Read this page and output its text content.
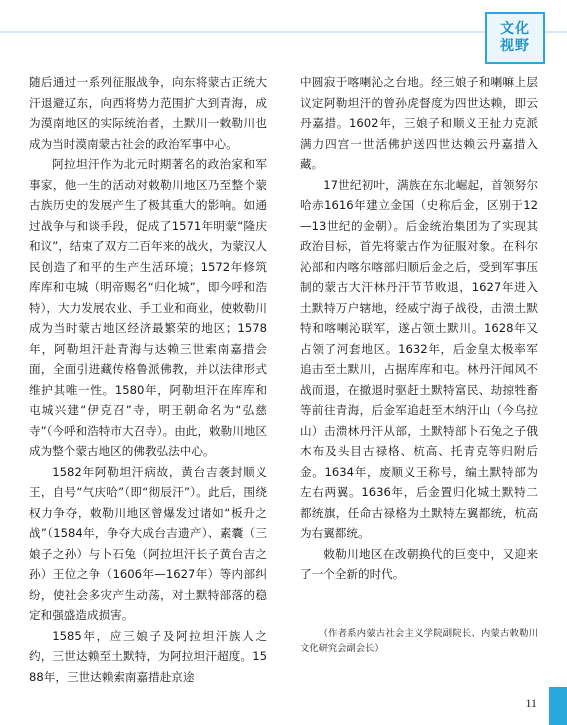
文化
视野

随后通过一系列征服战争，向东将蒙古正统大汗退避辽东，向西将势力范围扩大到青海，成为漠南地区的实际统治者，土默川一敕勒川也成为当时漠南蒙古社会的政治军事中心。

阿拉坦汗作为北元时期著名的政治家和军事家，他一生的活动对敕勒川地区乃至整个蒙古族历史的发展产生了极其重大的影响。如通过战争与和谈手段，促成了1571年明蒙“隆庆和议”，结束了双方二百年来的战火，为蒙汉人民创造了和平的生产生活环境；1572年修筑库库和屯城（明帝赐名“归化城”，即今呼和浩特），大力发展农业、手工业和商业，使敕勒川成为当时蒙古地区经济最繁荣的地区；1578年，阿勒坦汗赴青海与达赖三世索南嘉措会面，全面引进藏传格鲁派佛教，并以法律形式维护其唯一性。1580年，阿勒坦汗在库库和屯城兴建“伊克召”寺，明王朝命名为“弘慈寺”（今呼和浩特市大召寺）。由此，敕勒川地区成为整个蒙古地区的佛教弘法中心。

1582年阿勒坦汗病故，黄台吉袭封顺义王，自号“气庆哈”（即“彻辰汗”）。此后，围绕权力争夺，敕勒川地区曾爆发过诸如“板升之战”（1584年，争夺大成台吉遗产）、素囊（三娘子之孙）与卜石兔（阿拉坦汗长子黄台吉之孙）王位之争（1606年—1627年）等内部纠纷，使社会多灾产生动荡，对土默特部落的稳定和强盛造成损害。

1585年，应三娘子及阿拉坦汗族人之约，三世达赖至土默特，为阿拉坦汗超度。1588年，三世达赖索南嘉措赴京途

中圆寂于喀喇沁之台地。经三娘子和喇嘛上层议定阿勒坦汗的曾孙虎督度为四世达赖，即云丹嘉措。1602年，三娘子和顺义王扯力克派满力四宫一世活佛护送四世达赖云丹嘉措入藏。

17世纪初叶，满族在东北崛起，首领努尔哈赤1616年建立金国（史称后金，区别于12—13世纪的金朝）。后金统治集团为了实现其政治目标，首先将蒙古作为征服对象。在科尔沁部和内喀尔喀部归顺后金之后，受到军事压制的蒙古大汗林丹汗节节败退，1627年进入土默特万户辖地，经威宁海子战役，击溃土默特和喀喇沁联军，遂占领土默川。1628年又占领了河套地区。1632年，后金皇太极率军追击至土默川，占据库库和屯。林丹汗闻风不战而退，在撤退时驱赶土默特富民、劫掠牲畜等前往青海，后金军追赶至木纳汗山（今乌拉山）击溃林丹汗从部，土默特部卜石兔之子俄木布及头目古禄格、杭高、托青克等归附后金。1634年，废顺义王称号，编土默特部为左右两翼。1636年，后金置归化城土默特二都统旗，任命古禄格为土默特左翼都统，杭高为右翼都统。

敕勒川地区在改朝换代的巨变中，又迎来了一个全新的时代。

（作者系内蒙古社会主义学院副院长、内蒙古敕勒川文化研究会副会长）
11
